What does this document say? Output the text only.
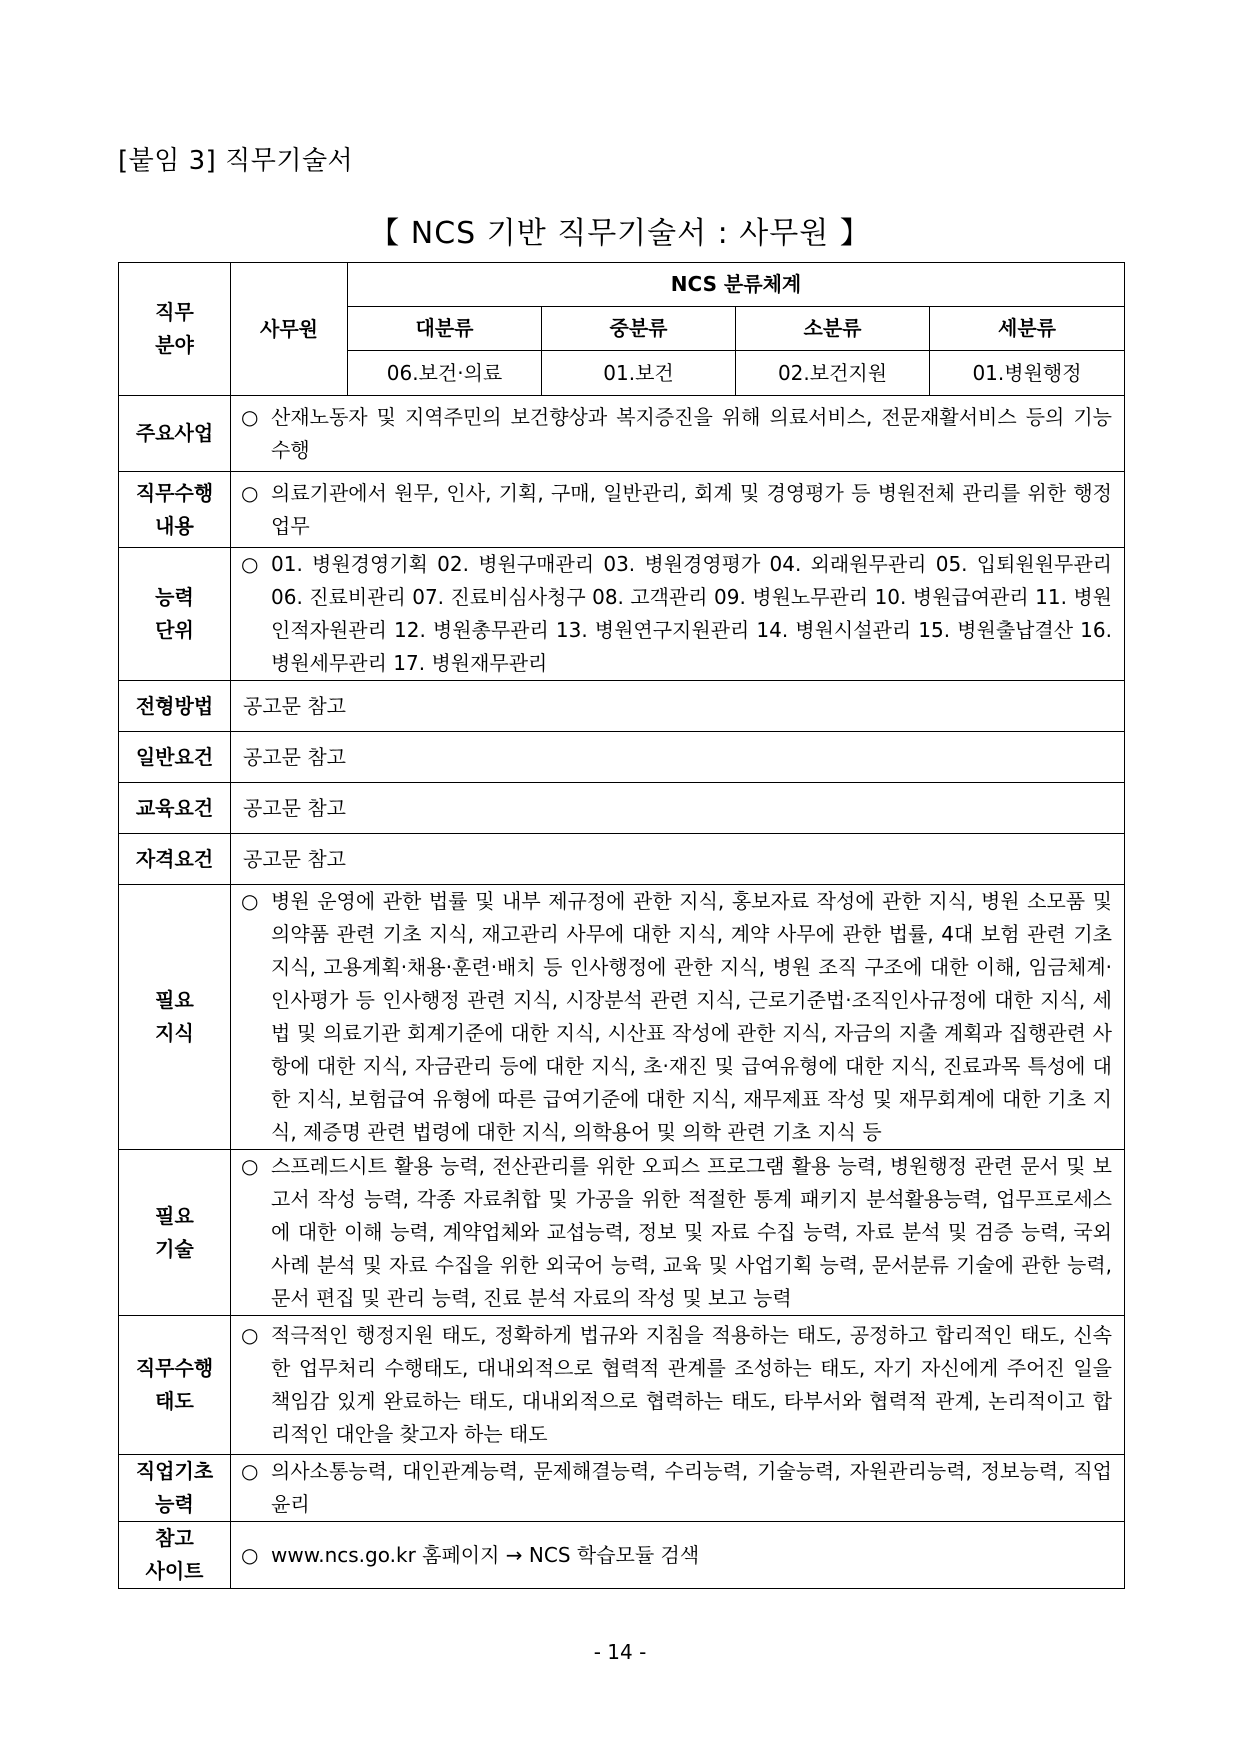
[붙임 3] 직무기술서
【 NCS 기반 직무기술서 : 사무원 】
직무
분야	사무원	NCS 분류체계			
		대분류	중분류	소분류	세분류
		06.보건·의료	01.보건	02.보건지원	01.병원행정
주요사업	○ 산재노동자 및 지역주민의 보건향상과 복지증진을 위해 의료서비스, 전문재활서비스 등의 기능 수행				

직무수행
내용	○ 의료기관에서 원무, 인사, 기획, 구매, 일반관리, 회계 및 경영평가 등 병원전체 관리를 위한 행정업무				

능력
단위	○ 01. 병원경영기획 02. 병원구매관리 03. 병원경영평가 04. 외래원무관리 05. 입퇴원원무관리 06. 진료비관리 07. 진료비심사청구 08. 고객관리 09. 병원노무관리 10. 병원급여관리 11. 병원인적자원관리 12. 병원총무관리 13. 병원연구지원관리 14. 병원시설관리 15. 병원출납결산 16. 병원세무관리 17. 병원재무관리				

전형방법	공고문 참고				
일반요건	공고문 참고				
교육요건	공고문 참고				
자격요건	공고문 참고				
필요
지식	○ 병원 운영에 관한 법률 및 내부 제규정에 관한 지식, 홍보자료 작성에 관한 지식, 병원 소모품 및 의약품 관련 기초 지식, 재고관리 사무에 대한 지식, 계약 사무에 관한 법률, 4대 보험 관련 기초 지식, 고용계획·채용·훈련·배치 등 인사행정에 관한 지식, 병원 조직 구조에 대한 이해, 임금체계·인사평가 등 인사행정 관련 지식, 시장분석 관련 지식, 근로기준법·조직인사규정에 대한 지식, 세법 및 의료기관 회계기준에 대한 지식, 시산표 작성에 관한 지식, 자금의 지출 계획과 집행관련 사항에 대한 지식, 자금관리 등에 대한 지식, 초·재진 및 급여유형에 대한 지식, 진료과목 특성에 대한 지식, 보험급여 유형에 따른 급여기준에 대한 지식, 재무제표 작성 및 재무회계에 대한 기초 지식, 제증명 관련 법령에 대한 지식, 의학용어 및 의학 관련 기초 지식 등				

필요
기술	○ 스프레드시트 활용 능력, 전산관리를 위한 오피스 프로그램 활용 능력, 병원행정 관련 문서 및 보고서 작성 능력, 각종 자료취합 및 가공을 위한 적절한 통계 패키지 분석활용능력, 업무프로세스에 대한 이해 능력, 계약업체와 교섭능력, 정보 및 자료 수집 능력, 자료 분석 및 검증 능력, 국외 사례 분석 및 자료 수집을 위한 외국어 능력, 교육 및 사업기획 능력, 문서분류 기술에 관한 능력, 문서 편집 및 관리 능력, 진료 분석 자료의 작성 및 보고 능력				

직무수행
태도	○ 적극적인 행정지원 태도, 정확하게 법규와 지침을 적용하는 태도, 공정하고 합리적인 태도, 신속한 업무처리 수행태도, 대내외적으로 협력적 관계를 조성하는 태도, 자기 자신에게 주어진 일을 책임감 있게 완료하는 태도, 대내외적으로 협력하는 태도, 타부서와 협력적 관계, 논리적이고 합리적인 대안을 찾고자 하는 태도				

직업기초
능력	○ 의사소통능력, 대인관계능력, 문제해결능력, 수리능력, 기술능력, 자원관리능력, 정보능력, 직업윤리				

참고
사이트	○ www.ncs.go.kr 홈페이지 → NCS 학습모듈 검색				
- 14 -
